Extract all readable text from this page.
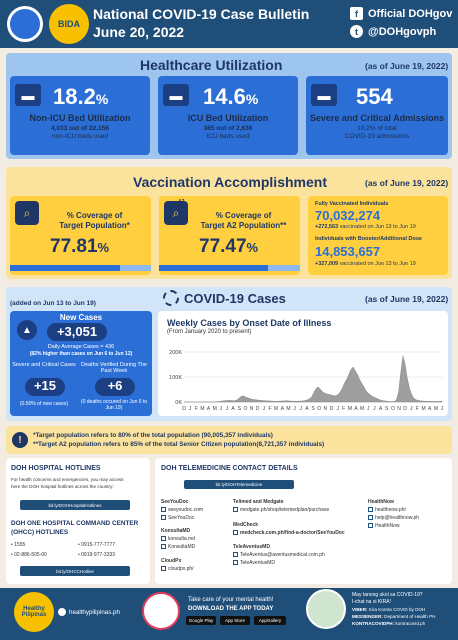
BIDA
National COVID-19 Case Bulletin
June 20, 2022
f Official DOHgov
t @DOHgovph
Healthcare Utilization	(as of June 19, 2022)
▬ 18.2%
Non-ICU Bed Utilization
4,033 out of 22,156
non-ICU beds used
▬ 14.6%
ICU Bed Utilization
385 out of 2,636
ICU beds used
▬ 554
Severe and Critical Admissions
10.2% of total
COVID-19 admissions
Vaccination Accomplishment	(as of June 19, 2022)
⌕	% Coverage of
Target Population*
77.81%
⌕
A2
% Coverage of
Target A2 Population**
77.47%
Fully Vaccinated Individuals
70,032,274
+272,563 vaccinated on Jun 13 to Jun 19
Individuals with Booster/Additional Dose
14,853,657
+327,009 vaccinated on Jun 13 to Jun 19
COVID-19 Cases	(as of June 19, 2022)
(added on Jun 13 to Jun 19)
▲
New Cases
+3,051
Daily Average Cases = 436
(82% higher than cases on Jun 6 to Jun 12)
Severe and Critical Cases
+15
(0.50% of new cases)
Deaths Verified During The Past Week
+6
(0 deaths occured on Jun 6 to Jun 19)
Weekly Cases by Onset Date of Illness
(From January 2020 to present)
200K
100K
0K
D J F M A M J J A S O N D J F M A M J J A S O N D J F M A M J J A S O N D J F M A M J
!	*Target population refers to 80% of the total population (90,005,357 individuals)
**Target A2 population refers to 85% of the total Senior Citizen population(8,721,357 individuals)
DOH HOSPITAL HOTLINES
For health concerns and emergencies, you may access
here the DOH hospital hotlines across the country:
bit.ly/DOHHospitalHotlines
DOH ONE HOSPITAL COMMAND CENTER
(OHCC) HOTLINES
• 1555	• 0915-777-7777
• 02-886-505-00	• 0919-977-3333
bit.ly/OHCCHotline
DOH TELEMEDICINE CONTACT DETAILS
bit.ly/DOHTelemedicine
SeeYouDoc
seeyoudoc.com
SeeYouDoc
KonsultaMD
konsulta.md
KonsultaMD
CloudPx
cloudpx.ph/
Telimed and Medgate
medgate.ph/shop/telemedplan/purchase
MedCheck
medcheck.com.ph/find-a-doctor/SeeYouDoc
TeleAventusMD
TeleAventus@aventusmedical.com.ph
TeleAventusMD
HealthNow
healthnow.ph/
help@healthnow.ph
HealthNow
Healthy Pilipinas	healthypilipinas.ph
Take care of your mental health!
DOWNLOAD THE APP TODAY
Google Play	App Store	AppGallery
May tanong ukol sa COVID-19?
I-chat na si KIRA!
VIBER: Kira Kontra COVID by DOH
MESSENGER: Department of Health PH
KONTRACOVIDPH: kontracovid.ph
